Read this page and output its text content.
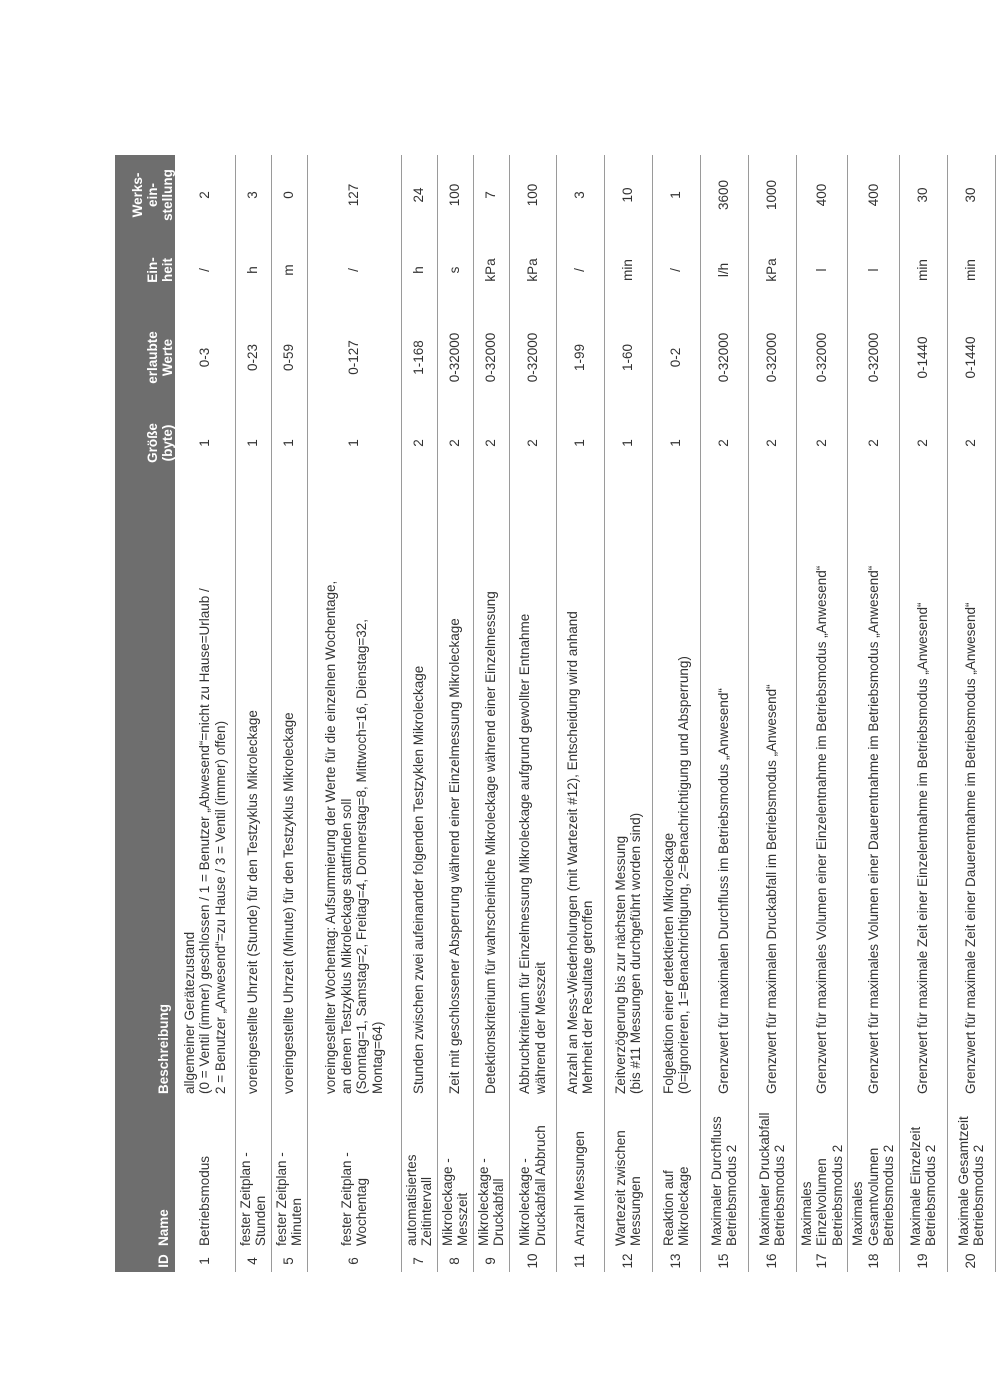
ID	Name	Beschreibung	Größe (byte)	erlaubte Werte	Ein- heit	Werks- ein- stellung

1	Betriebsmodus	allgemeiner Gerätezustand (0 = Ventil (immer) geschlossen / 1 = Benutzer „Abwesend“=nicht zu Hause=Urlaub / 2 = Benutzer „Anwesend“=zu Hause / 3 = Ventil (immer) offen)	1	0-3	/	2
4	fester Zeitplan - Stunden	voreingestellte Uhrzeit (Stunde) für den Testzyklus Mikroleckage	1	0-23	h	3
5	fester Zeitplan - Minuten	voreingestellte Uhrzeit (Minute) für den Testzyklus Mikroleckage	1	0-59	m	0
6	fester Zeitplan - Wochentag	voreingestellter Wochentag: Aufsummierung der Werte für die einzelnen Wochentage, an denen Testzyklus Mikroleckage stattfinden soll (Sonntag=1, Samstag=2, Freitag=4, Donnerstag=8, Mittwoch=16, Dienstag=32, Montag=64)	1	0-127	/	127
7	automatisiertes Zeitintervall	Stunden zwischen zwei aufeinander folgenden Testzyklen Mikroleckage	2	1-168	h	24
8	Mikroleckage - Messzeit	Zeit mit geschlossener Absperrung während einer Einzelmessung Mikroleckage	2	0-32000	s	100
9	Mikroleckage - Druckabfall	Detektionskriterium für wahrscheinliche Mikroleckage während einer Einzelmessung	2	0-32000	kPa	7
10	Mikroleckage - Druckabfall Abbruch	Abbruchkriterium für Einzelmessung Mikroleckage aufgrund gewollter Entnahme während der Messzeit	2	0-32000	kPa	100
11	Anzahl Messungen	Anzahl an Mess-Wiederholungen (mit Wartezeit #12), Entscheidung wird anhand Mehrheit der Resultate getroffen	1	1-99	/	3
12	Wartezeit zwischen Messungen	Zeitverzögerung bis zur nächsten Messung (bis #11 Messungen durchgeführt worden sind)	1	1-60	min	10
13	Reaktion auf Mikroleckage	Folgeaktion einer detektierten Mikroleckage (0=ignorieren, 1=Benachrichtigung, 2=Benachrichtigung und Absperrung)	1	0-2	/	1
15	Maximaler Durchfluss Betriebsmodus 2	Grenzwert für maximalen Durchfluss im Betriebsmodus „Anwesend“	2	0-32000	l/h	3600
16	Maximaler Druckabfall Betriebsmodus 2	Grenzwert für maximalen Druckabfall im Betriebsmodus „Anwesend“	2	0-32000	kPa	1000
17	Maximales Einzelvolumen Betriebsmodus 2	Grenzwert für maximales Volumen einer Einzelentnahme im Betriebsmodus „Anwesend“	2	0-32000	l	400
18	Maximales Gesamtvolumen Betriebsmodus 2	Grenzwert für maximales Volumen einer Dauerentnahme im Betriebsmodus „Anwesend“	2	0-32000	l	400
19	Maximale Einzelzeit Betriebsmodus 2	Grenzwert für maximale Zeit einer Einzelentnahme im Betriebsmodus „Anwesend“	2	0-1440	min	30
20	Maximale Gesamtzeit Betriebsmodus 2	Grenzwert für maximale Zeit einer Dauerentnahme im Betriebsmodus „Anwesend“	2	0-1440	min	30
